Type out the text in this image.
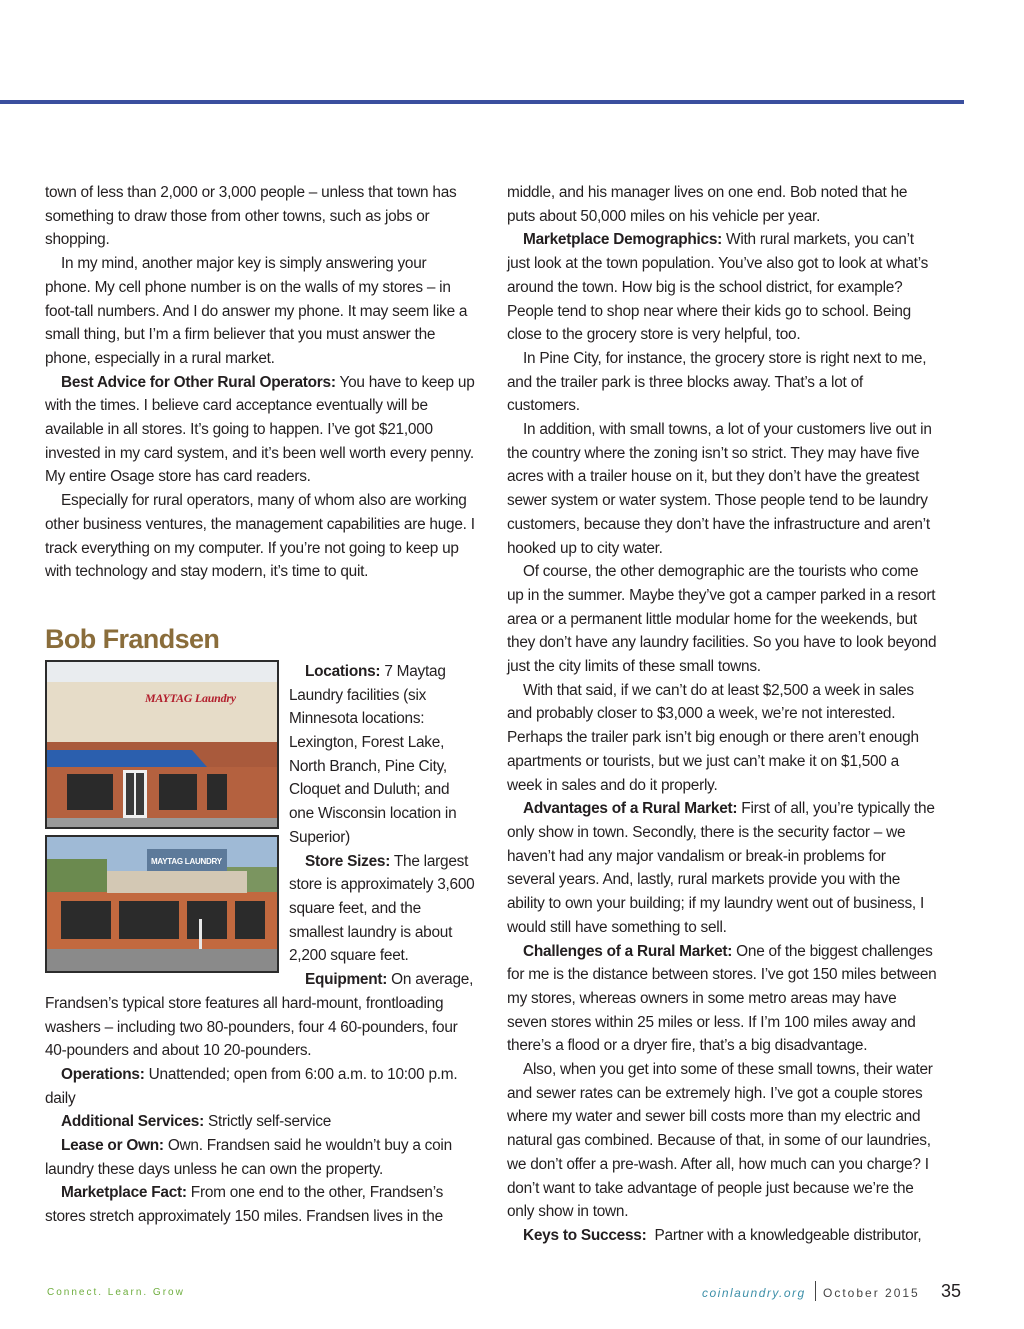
town of less than 2,000 or 3,000 people – unless that town has something to draw those from other towns, such as jobs or shopping.

In my mind, another major key is simply answering your phone. My cell phone number is on the walls of my stores – in foot-tall numbers. And I do answer my phone. It may seem like a small thing, but I’m a firm believer that you must answer the phone, especially in a rural market.

Best Advice for Other Rural Operators: You have to keep up with the times. I believe card acceptance eventually will be available in all stores. It’s going to happen. I’ve got $21,000 invested in my card system, and it’s been well worth every penny. My entire Osage store has card readers.

Especially for rural operators, many of whom also are working other business ventures, the management capabilities are huge. I track everything on my computer. If you’re not going to keep up with technology and stay modern, it’s time to quit.

Bob Frandsen
MAYTAG Laundry
MAYTAG LAUNDRY

Locations: 7 Maytag Laundry facilities (six Minnesota locations: Lexington, Forest Lake, North Branch, Pine City, Cloquet and Duluth; and one Wisconsin location in Superior)

Store Sizes: The largest store is approximately 3,600 square feet, and the smallest laundry is about 2,200 square feet.

Equipment: On average, Frandsen’s typical store features all hard-mount, frontloading washers – including two 80-pounders, four 4 60-pounders, four 40-pounders and about 10 20-pounders.

Operations: Unattended; open from 6:00 a.m. to 10:00 p.m. daily

Additional Services: Strictly self-service

Lease or Own: Own. Frandsen said he wouldn’t buy a coin laundry these days unless he can own the property.

Marketplace Fact: From one end to the other, Frandsen’s stores stretch approximately 150 miles. Frandsen lives in the

middle, and his manager lives on one end. Bob noted that he puts about 50,000 miles on his vehicle per year.

Marketplace Demographics: With rural markets, you can’t just look at the town population. You’ve also got to look at what’s around the town. How big is the school district, for example? People tend to shop near where their kids go to school. Being close to the grocery store is very helpful, too.

In Pine City, for instance, the grocery store is right next to me, and the trailer park is three blocks away. That’s a lot of customers.

In addition, with small towns, a lot of your customers live out in the country where the zoning isn’t so strict. They may have five acres with a trailer house on it, but they don’t have the greatest sewer system or water system. Those people tend to be laundry customers, because they don’t have the infrastructure and aren’t hooked up to city water.

Of course, the other demographic are the tourists who come up in the summer. Maybe they’ve got a camper parked in a resort area or a permanent little modular home for the weekends, but they don’t have any laundry facilities. So you have to look beyond just the city limits of these small towns.

With that said, if we can’t do at least $2,500 a week in sales and probably closer to $3,000 a week, we’re not interested. Perhaps the trailer park isn’t big enough or there aren’t enough apartments or tourists, but we just can’t make it on $1,500 a week in sales and do it properly.

Advantages of a Rural Market: First of all, you’re typically the only show in town. Secondly, there is the security factor – we haven’t had any major vandalism or break-in problems for several years. And, lastly, rural markets provide you with the ability to own your building; if my laundry went out of business, I would still have something to sell.

Challenges of a Rural Market: One of the biggest challenges for me is the distance between stores. I’ve got 150 miles between my stores, whereas owners in some metro areas may have seven stores within 25 miles or less. If I’m 100 miles away and there’s a flood or a dryer fire, that’s a big disadvantage.

Also, when you get into some of these small towns, their water and sewer rates can be extremely high. I’ve got a couple stores where my water and sewer bill costs more than my electric and natural gas combined. Because of that, in some of our laundries, we don’t offer a pre-wash. After all, how much can you charge? I don’t want to take advantage of people just because we’re the only show in town.

Keys to Success:  Partner with a knowledgeable distributor,

Connect. Learn. Grow	coinlaundry.org October 2015 35
